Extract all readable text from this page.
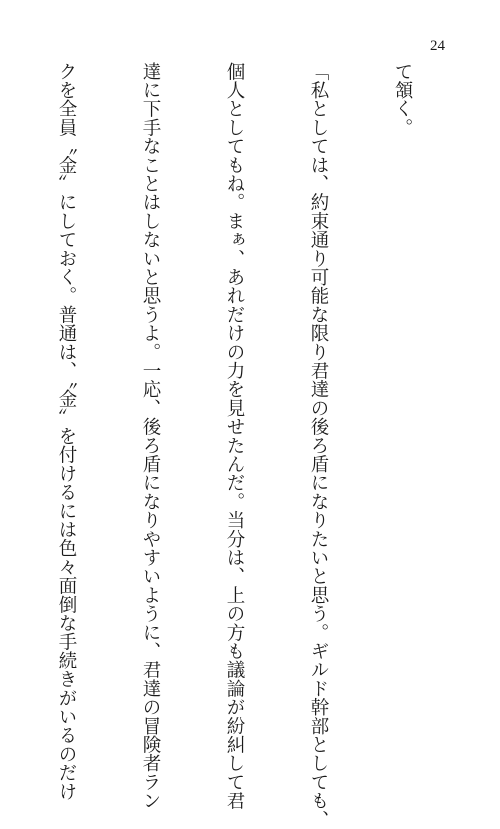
24

て頷く。

「私としては、約束通り可能な限り君達の後ろ盾になりたいと思う。ギルド幹部としても、

個人としてもね。まぁ、あれだけの力を見せたんだ。当分は、上の方も議論が紛糾して君

達に下手なことはしないと思うよ。一応、後ろ盾になりやすいように、君達の冒険者ラン

クを全員〝金〟にしておく。普通は、〝金〟を付けるには色々面倒な手続きがいるのだけ
